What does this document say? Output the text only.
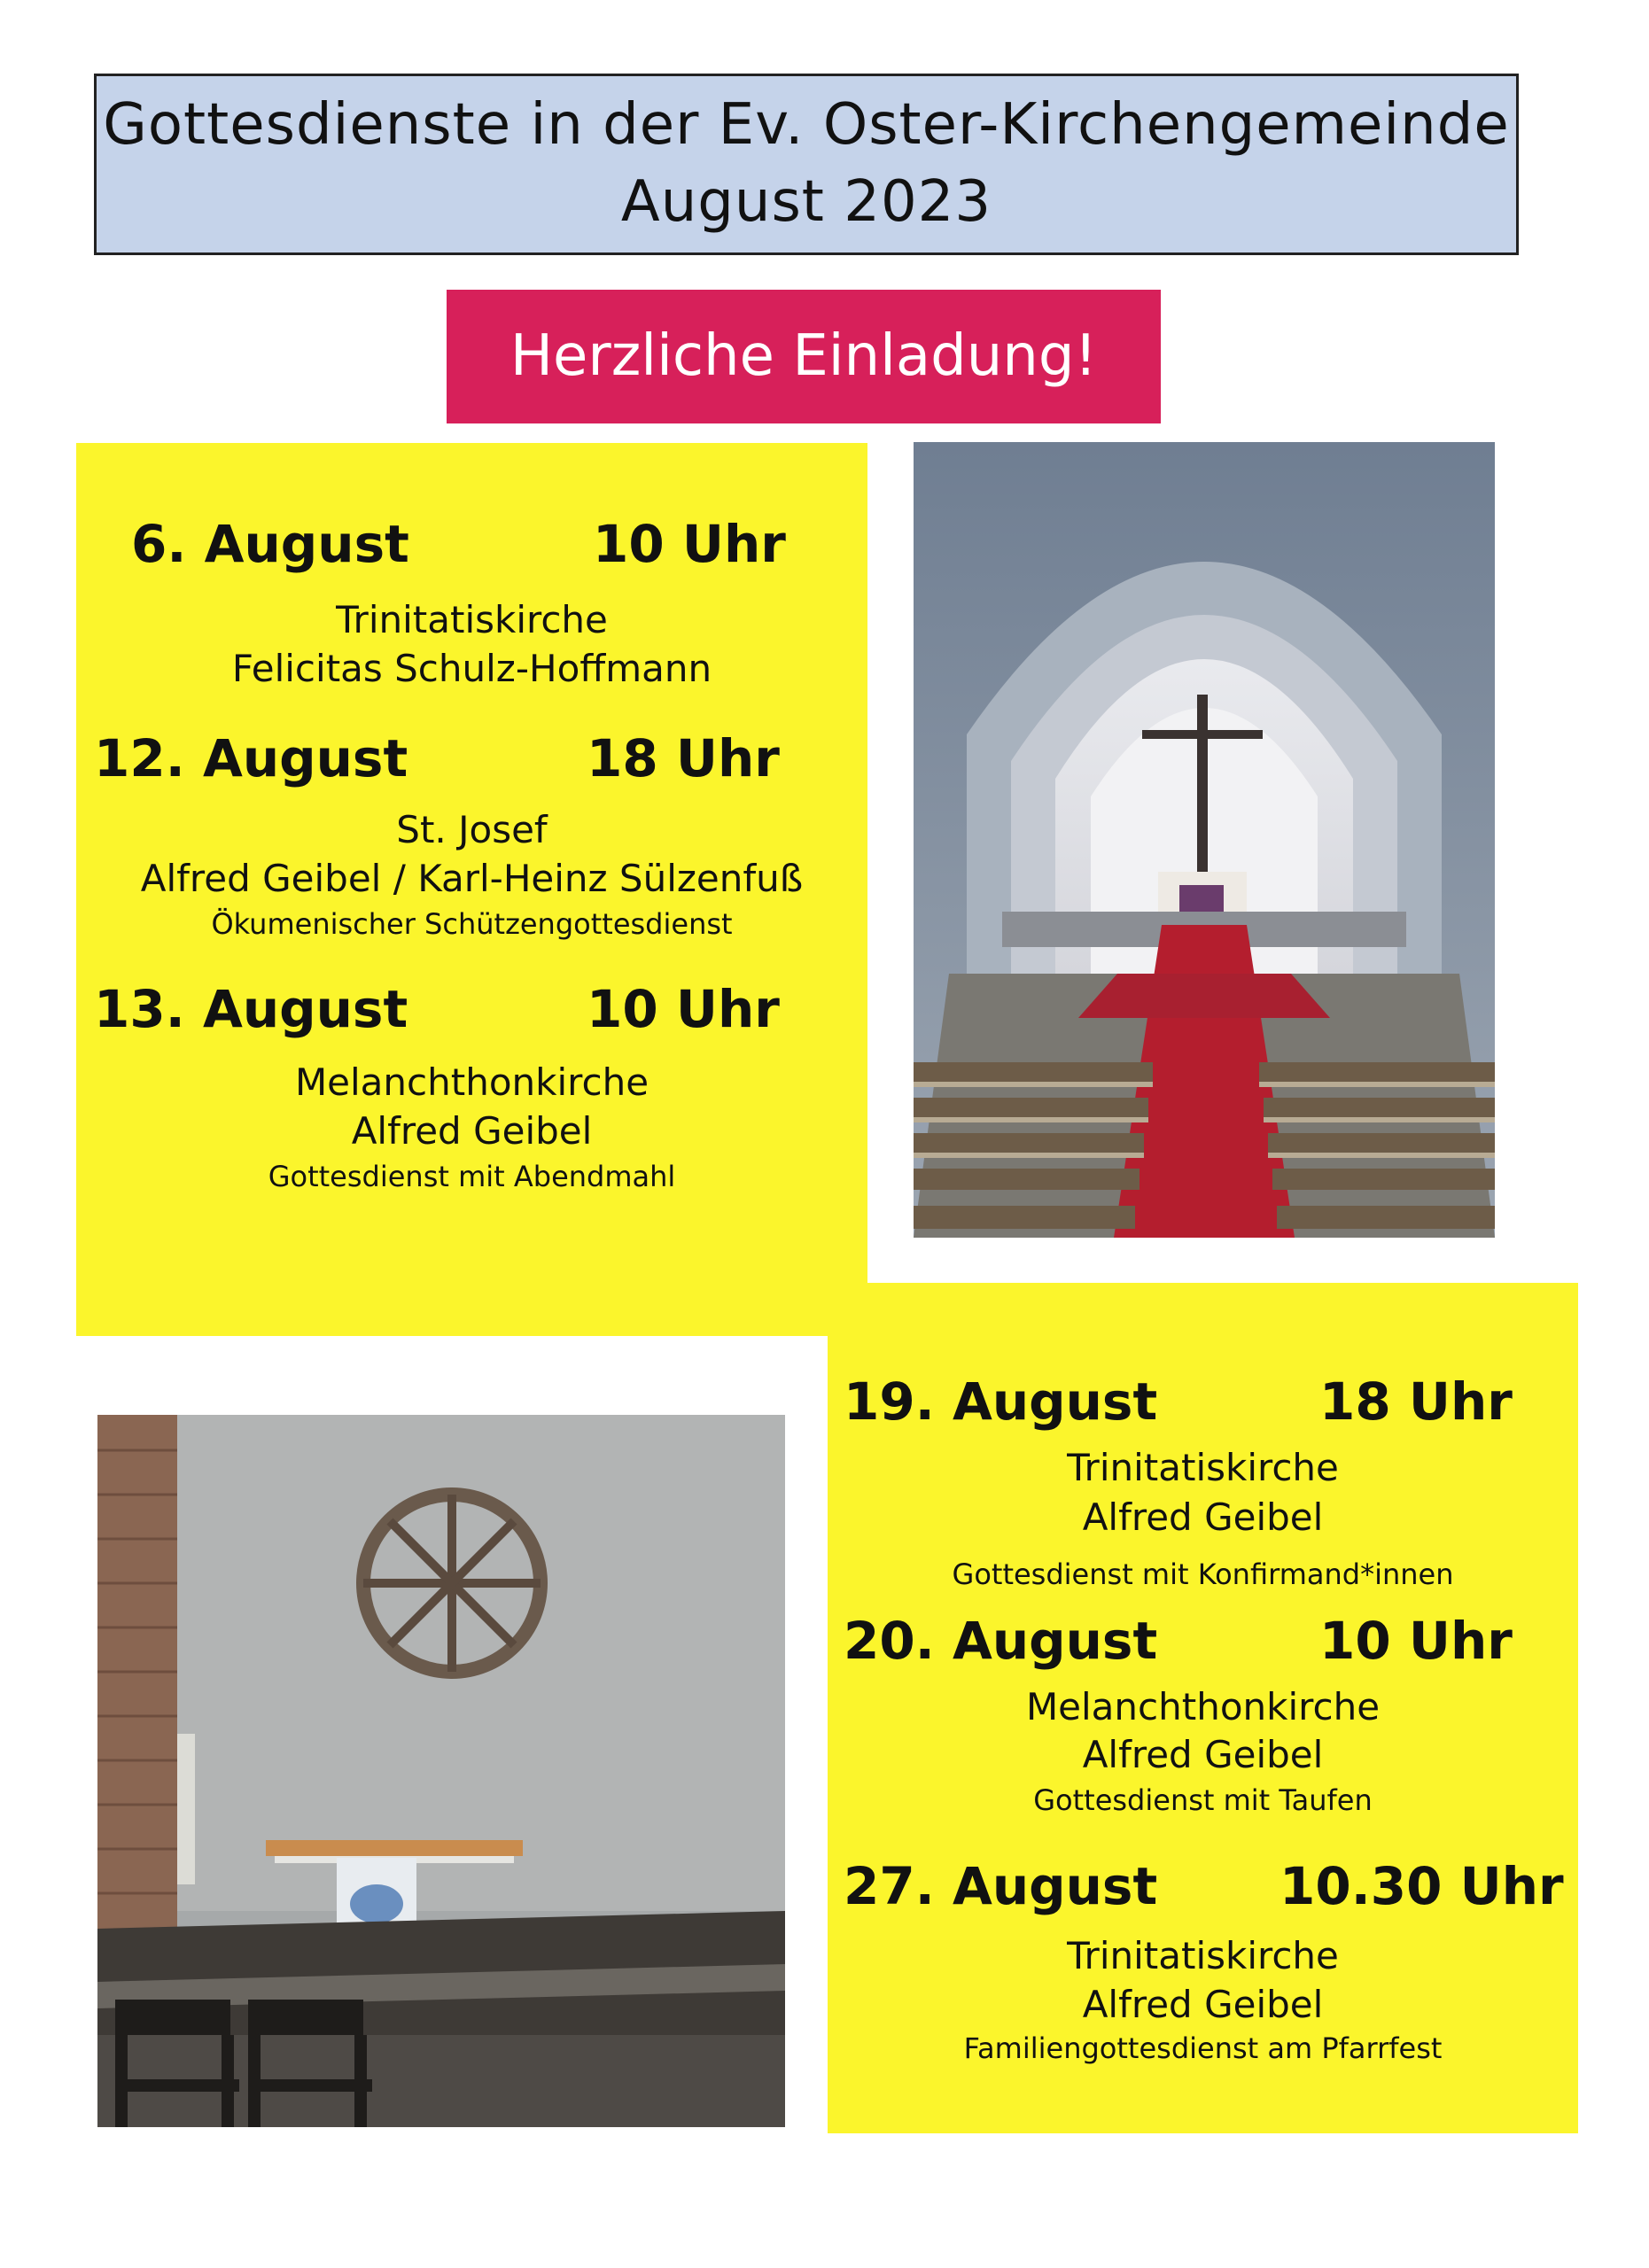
Gottesdienste in der Ev. Oster-Kirchengemeinde
August 2023
Herzliche Einladung!
6. August	10 Uhr
Trinitatiskirche
Felicitas Schulz-Hoffmann
12. August	18 Uhr
St. Josef
Alfred Geibel / Karl-Heinz Sülzenfuß
Ökumenischer Schützengottesdienst
13. August	10 Uhr
Melanchthonkirche
Alfred Geibel
Gottesdienst mit Abendmahl
19. August	18 Uhr
Trinitatiskirche
Alfred Geibel
Gottesdienst mit Konfirmand*innen
20. August	10 Uhr
Melanchthonkirche
Alfred Geibel
Gottesdienst mit Taufen
27. August 10.30 Uhr
Trinitatiskirche
Alfred Geibel
Familiengottesdienst am Pfarrfest
